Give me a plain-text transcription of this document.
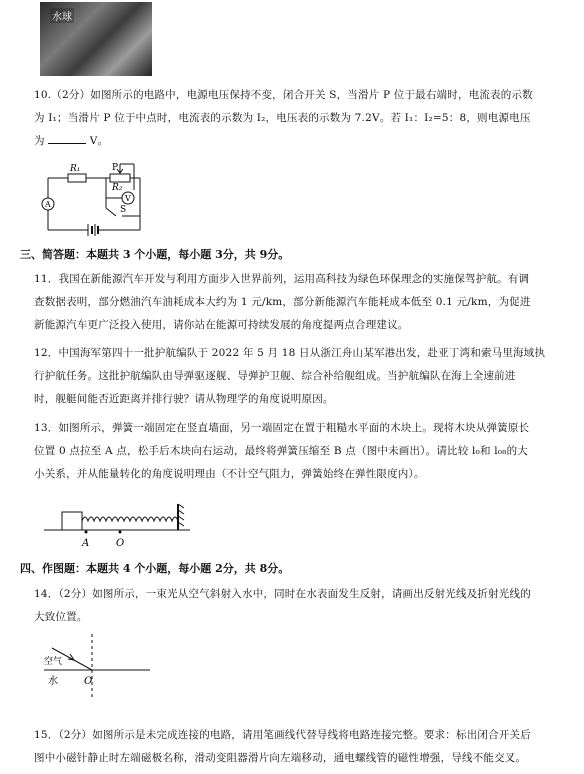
水球
10.（2分）如图所示的电路中，电源电压保持不变，闭合开关 S，当滑片 P 位于最右端时，电流表的示数
为 I₁；当滑片 P 位于中点时，电流表的示数为 I₂，电压表的示数为 7.2V。若 I₁：I₂=5：8，则电源电压
为	V。
P
R₁
R₂
A
V
S
三、简答题：本题共 3 个小题，每小题 3分，共 9分。
11．我国在新能源汽车开发与利用方面步入世界前列，运用高科技为绿色环保理念的实施保驾护航。有调
查数据表明，部分燃油汽车油耗成本大约为 1 元/km，部分新能源汽车能耗成本低至 0.1 元/km，为促进
新能源汽车更广泛投入使用，请你站在能源可持续发展的角度提两点合理建议。
12．中国海军第四十一批护航编队于 2022 年 5 月 18 日从浙江舟山某军港出发，赴亚丁湾和索马里海域执
行护航任务。这批护航编队由导弹驱逐舰、导弹护卫舰、综合补给舰组成。当护航编队在海上全速前进
时，舰艇间能否近距离并排行驶？请从物理学的角度说明原因。
13．如图所示，弹簧一端固定在竖直墙面，另一端固定在置于粗糙水平面的木块上。现将木块从弹簧原长
位置 0 点拉至 A 点，松手后木块向右运动，最终将弹簧压缩至 B 点（图中未画出）。请比较 l₀和 l₀₈的大
小关系，并从能量转化的角度说明理由（不计空气阻力，弹簧始终在弹性限度内）。
A	O
四、作图题：本题共 4 个小题，每小题 2分，共 8分。
14．（2分）如图所示，一束光从空气斜射入水中，同时在水表面发生反射，请画出反射光线及折射光线的
大致位置。
空气
水	O
15．（2分）如图所示是未完成连接的电路，请用笔画线代替导线将电路连接完整。要求：标出闭合开关后
图中小磁针静止时左端磁极名称，滑动变阻器滑片向左端移动，通电螺线管的磁性增强，导线不能交叉。
